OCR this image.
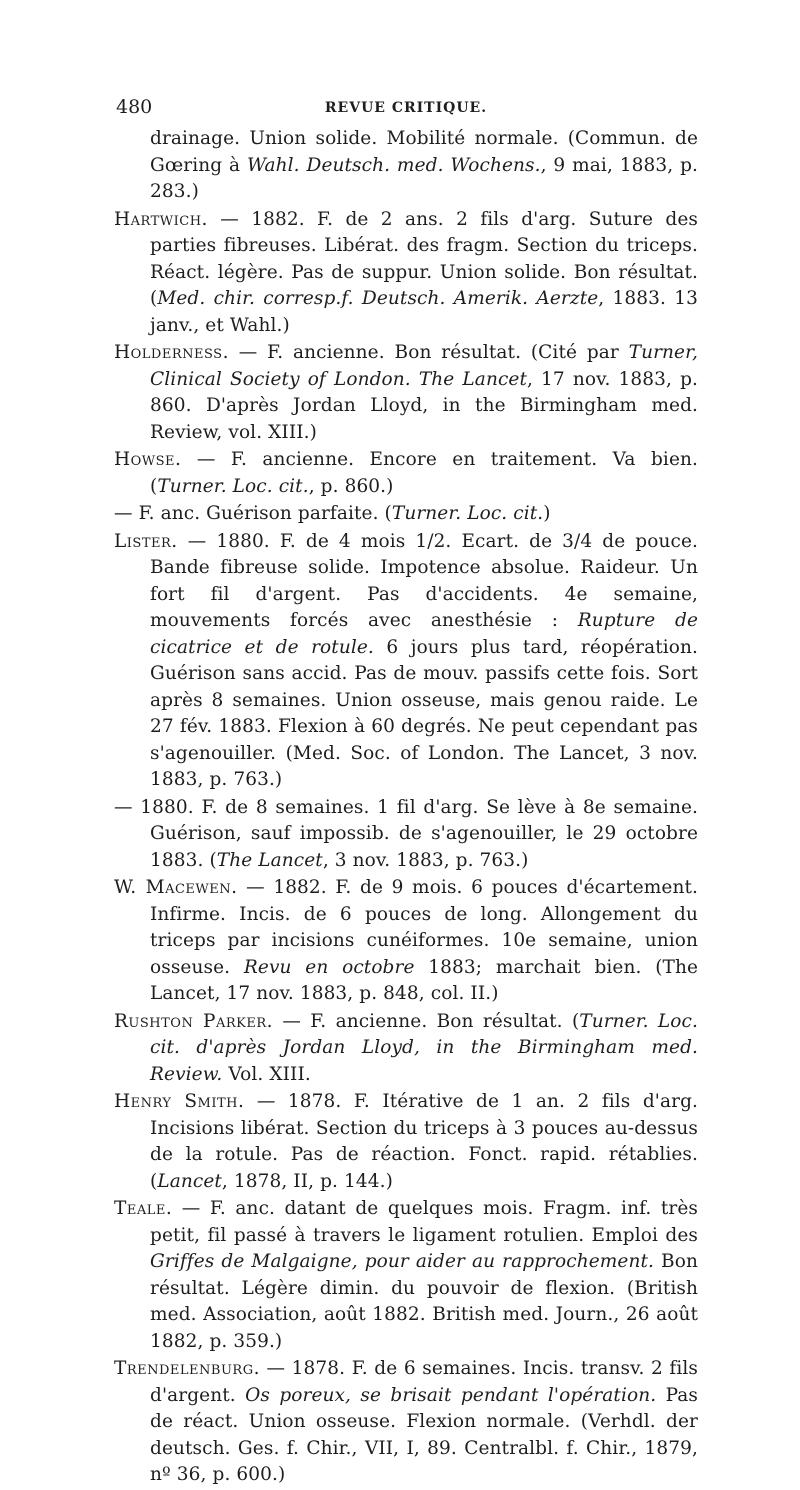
480	REVUE CRITIQUE.

drainage. Union solide. Mobilité normale. (Commun. de Gœring à Wahl. Deutsch. med. Wochens., 9 mai, 1883, p. 283.)

Hartwich. — 1882. F. de 2 ans. 2 fils d'arg. Suture des parties fibreuses. Libérat. des fragm. Section du triceps. Réact. légère. Pas de suppur. Union solide. Bon résultat. (Med. chir. corresp.f. Deutsch. Amerik. Aerzte, 1883. 13 janv., et Wahl.)

Holderness. — F. ancienne. Bon résultat. (Cité par Turner, Clinical Society of London. The Lancet, 17 nov. 1883, p. 860. D'après Jordan Lloyd, in the Birmingham med. Review, vol. XIII.)

Howse. — F. ancienne. Encore en traitement. Va bien. (Turner. Loc. cit., p. 860.)

— F. anc. Guérison parfaite. (Turner. Loc. cit.)

Lister. — 1880. F. de 4 mois 1/2. Ecart. de 3/4 de pouce. Bande fibreuse solide. Impotence absolue. Raideur. Un fort fil d'argent. Pas d'accidents. 4e semaine, mouvements forcés avec anesthésie : Rupture de cicatrice et de rotule. 6 jours plus tard, réopération. Guérison sans accid. Pas de mouv. passifs cette fois. Sort après 8 semaines. Union osseuse, mais genou raide. Le 27 fév. 1883. Flexion à 60 degrés. Ne peut cependant pas s'agenouiller. (Med. Soc. of London. The Lancet, 3 nov. 1883, p. 763.)

— 1880. F. de 8 semaines. 1 fil d'arg. Se lève à 8e semaine. Guérison, sauf impossib. de s'agenouiller, le 29 octobre 1883. (The Lancet, 3 nov. 1883, p. 763.)

W. Macewen. — 1882. F. de 9 mois. 6 pouces d'écartement. Infirme. Incis. de 6 pouces de long. Allongement du triceps par incisions cunéiformes. 10e semaine, union osseuse. Revu en octobre 1883; marchait bien. (The Lancet, 17 nov. 1883, p. 848, col. II.)

Rushton Parker. — F. ancienne. Bon résultat. (Turner. Loc. cit. d'après Jordan Lloyd, in the Birmingham med. Review. Vol. XIII.

Henry Smith. — 1878. F. Itérative de 1 an. 2 fils d'arg. Incisions libérat. Section du triceps à 3 pouces au-dessus de la rotule. Pas de réaction. Fonct. rapid. rétablies. (Lancet, 1878, II, p. 144.)

Teale. — F. anc. datant de quelques mois. Fragm. inf. très petit, fil passé à travers le ligament rotulien. Emploi des Griffes de Malgaigne, pour aider au rapprochement. Bon résultat. Légère dimin. du pouvoir de flexion. (British med. Association, août 1882. British med. Journ., 26 août 1882, p. 359.)

Trendelenburg. — 1878. F. de 6 semaines. Incis. transv. 2 fils d'argent. Os poreux, se brisait pendant l'opération. Pas de réact. Union osseuse. Flexion normale. (Verhdl. der deutsch. Ges. f. Chir., VII, I, 89. Centralbl. f. Chir., 1879, nº 36, p. 600.)
